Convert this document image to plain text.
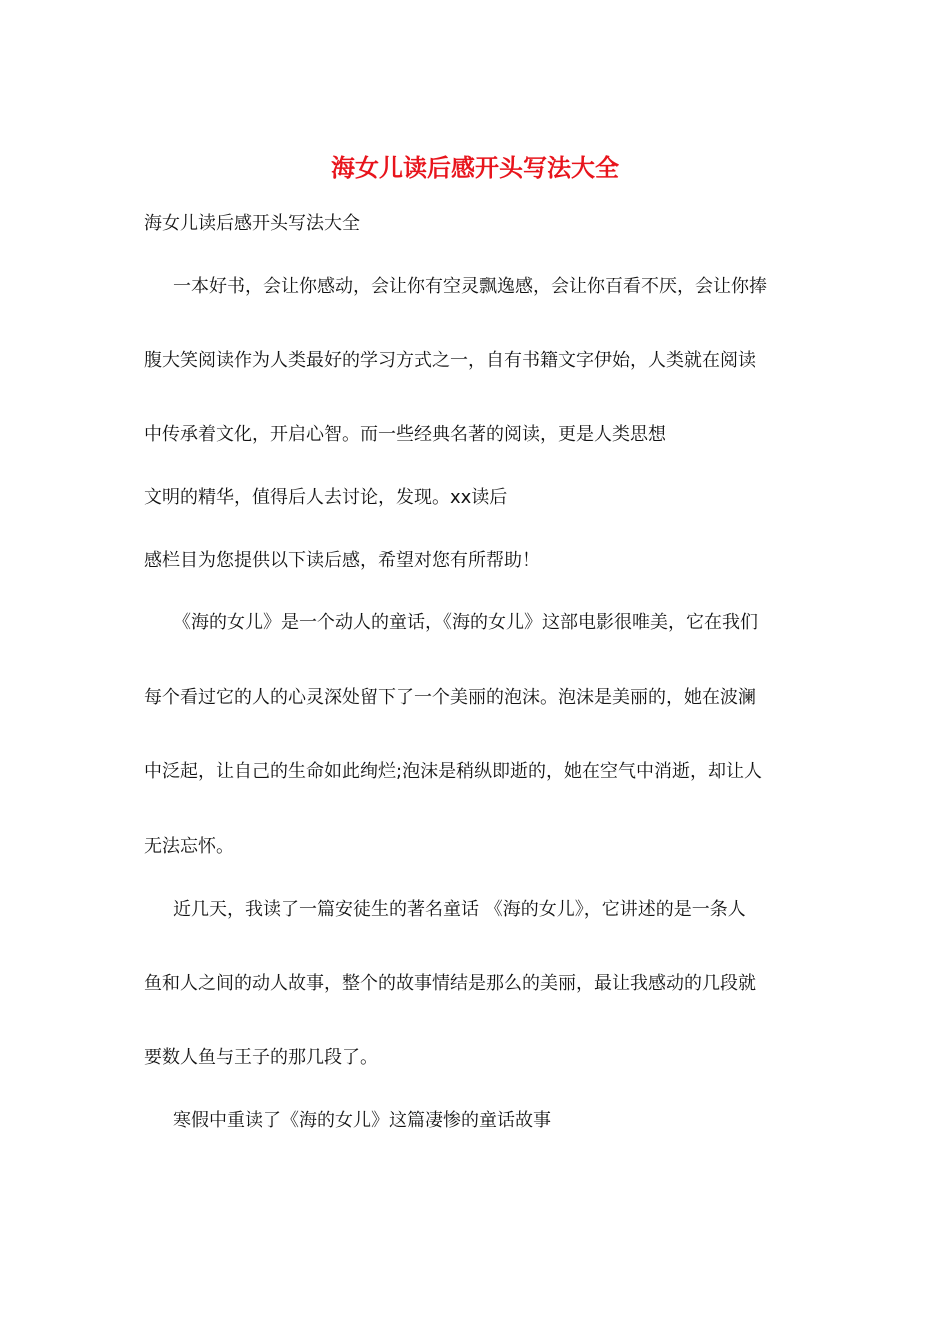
海女儿读后感开头写法大全
海女儿读后感开头写法大全
一本好书，会让你感动，会让你有空灵飘逸感，会让你百看不厌，会让你捧
腹大笑阅读作为人类最好的学习方式之一，自有书籍文字伊始，人类就在阅读
中传承着文化，开启心智。而一些经典名著的阅读，更是人类思想
文明的精华，值得后人去讨论，发现。xx读后
感栏目为您提供以下读后感，希望对您有所帮助！
《海的女儿》是一个动人的童话，《海的女儿》这部电影很唯美，它在我们
每个看过它的人的心灵深处留下了一个美丽的泡沫。泡沫是美丽的，她在波澜
中泛起，让自己的生命如此绚烂;泡沫是稍纵即逝的，她在空气中消逝，却让人
无法忘怀。
近几天，我读了一篇安徒生的著名童话 《海的女儿》，它讲述的是一条人
鱼和人之间的动人故事，整个的故事情结是那么的美丽，最让我感动的几段就
要数人鱼与王子的那几段了。
寒假中重读了《海的女儿》这篇凄惨的童话故事
